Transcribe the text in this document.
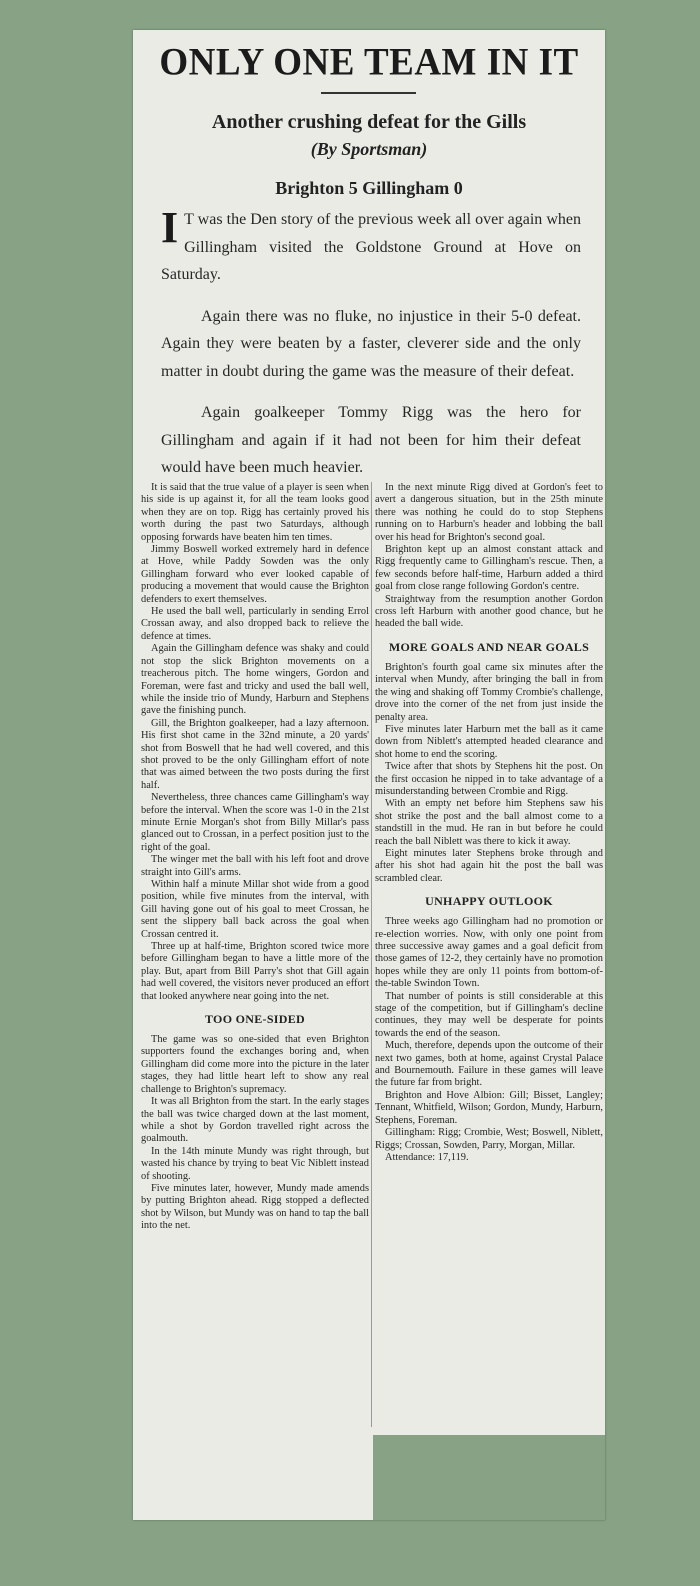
ONLY ONE TEAM IN IT
Another crushing defeat for the Gills
(By Sportsman)
Brighton 5 Gillingham 0

I T was the Den story of the previous week all over again when Gillingham visited the Goldstone Ground at Hove on Saturday.

Again there was no fluke, no injustice in their 5-0 defeat. Again they were beaten by a faster, cleverer side and the only matter in doubt during the game was the measure of their defeat.

Again goalkeeper Tommy Rigg was the hero for Gillingham and again if it had not been for him their defeat would have been much heavier.

It is said that the true value of a player is seen when his side is up against it, for all the team looks good when they are on top. Rigg has certainly proved his worth during the past two Saturdays, although opposing forwards have beaten him ten times.

Jimmy Boswell worked extremely hard in defence at Hove, while Paddy Sowden was the only Gillingham forward who ever looked capable of producing a movement that would cause the Brighton defenders to exert themselves.

He used the ball well, particularly in sending Errol Crossan away, and also dropped back to relieve the defence at times.

Again the Gillingham defence was shaky and could not stop the slick Brighton movements on a treacherous pitch. The home wingers, Gordon and Foreman, were fast and tricky and used the ball well, while the inside trio of Mundy, Harburn and Stephens gave the finishing punch.

Gill, the Brighton goalkeeper, had a lazy afternoon. His first shot came in the 32nd minute, a 20 yards' shot from Boswell that he had well covered, and this shot proved to be the only Gillingham effort of note that was aimed between the two posts during the first half.

Nevertheless, three chances came Gillingham's way before the interval. When the score was 1-0 in the 21st minute Ernie Morgan's shot from Billy Millar's pass glanced out to Crossan, in a perfect position just to the right of the goal.

The winger met the ball with his left foot and drove straight into Gill's arms.

Within half a minute Millar shot wide from a good position, while five minutes from the interval, with Gill having gone out of his goal to meet Crossan, he sent the slippery ball back across the goal when Crossan centred it.

Three up at half-time, Brighton scored twice more before Gillingham began to have a little more of the play. But, apart from Bill Parry's shot that Gill again had well covered, the visitors never produced an effort that looked anywhere near going into the net.

TOO ONE-SIDED

The game was so one-sided that even Brighton supporters found the exchanges boring and, when Gillingham did come more into the picture in the later stages, they had little heart left to show any real challenge to Brighton's supremacy.

It was all Brighton from the start. In the early stages the ball was twice charged down at the last moment, while a shot by Gordon travelled right across the goalmouth.

In the 14th minute Mundy was right through, but wasted his chance by trying to beat Vic Niblett instead of shooting.

Five minutes later, however, Mundy made amends by putting Brighton ahead. Rigg stopped a deflected shot by Wilson, but Mundy was on hand to tap the ball into the net.

In the next minute Rigg dived at Gordon's feet to avert a dangerous situation, but in the 25th minute there was nothing he could do to stop Stephens running on to Harburn's header and lobbing the ball over his head for Brighton's second goal.

Brighton kept up an almost constant attack and Rigg frequently came to Gillingham's rescue. Then, a few seconds before half-time, Harburn added a third goal from close range following Gordon's centre.

Straightway from the resumption another Gordon cross left Harburn with another good chance, but he headed the ball wide.

MORE GOALS AND NEAR GOALS

Brighton's fourth goal came six minutes after the interval when Mundy, after bringing the ball in from the wing and shaking off Tommy Crombie's challenge, drove into the corner of the net from just inside the penalty area.

Five minutes later Harburn met the ball as it came down from Niblett's attempted headed clearance and shot home to end the scoring.

Twice after that shots by Stephens hit the post. On the first occasion he nipped in to take advantage of a misunderstanding between Crombie and Rigg.

With an empty net before him Stephens saw his shot strike the post and the ball almost come to a standstill in the mud. He ran in but before he could reach the ball Niblett was there to kick it away.

Eight minutes later Stephens broke through and after his shot had again hit the post the ball was scrambled clear.

UNHAPPY OUTLOOK

Three weeks ago Gillingham had no promotion or re-election worries. Now, with only one point from three successive away games and a goal deficit from those games of 12-2, they certainly have no promotion hopes while they are only 11 points from bottom-of-the-table Swindon Town.

That number of points is still considerable at this stage of the competition, but if Gillingham's decline continues, they may well be desperate for points towards the end of the season.

Much, therefore, depends upon the outcome of their next two games, both at home, against Crystal Palace and Bournemouth. Failure in these games will leave the future far from bright.

Brighton and Hove Albion: Gill; Bisset, Langley; Tennant, Whitfield, Wilson; Gordon, Mundy, Harburn, Stephens, Foreman.

Gillingham: Rigg; Crombie, West; Boswell, Niblett, Riggs; Crossan, Sowden, Parry, Morgan, Millar.

Attendance: 17,119.
